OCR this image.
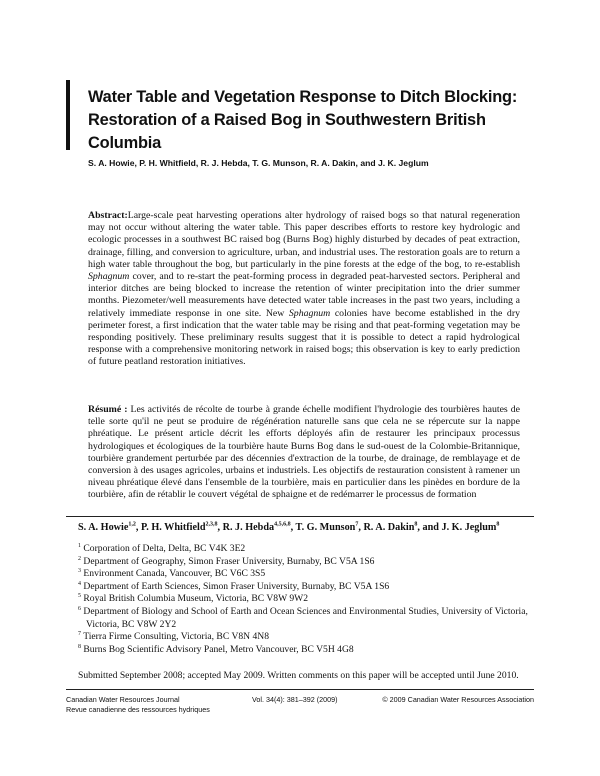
Water Table and Vegetation Response to Ditch Blocking:
Restoration of a Raised Bog in Southwestern British Columbia
S. A. Howie, P. H. Whitfield, R. J. Hebda, T. G. Munson, R. A. Dakin, and J. K. Jeglum
Abstract:Large-scale peat harvesting operations alter hydrology of raised bogs so that natural regeneration may not occur without altering the water table. This paper describes efforts to restore key hydrologic and ecologic processes in a southwest BC raised bog (Burns Bog) highly disturbed by decades of peat extraction, drainage, filling, and conversion to agriculture, urban, and industrial uses. The restoration goals are to return a high water table throughout the bog, but particularly in the pine forests at the edge of the bog, to re-establish Sphagnum cover, and to re-start the peat-forming process in degraded peat-harvested sectors. Peripheral and interior ditches are being blocked to increase the retention of winter precipitation into the drier summer months. Piezometer/well measurements have detected water table increases in the past two years, including a relatively immediate response in one site. New Sphagnum colonies have become established in the dry perimeter forest, a first indication that the water table may be rising and that peat-forming vegetation may be responding positively. These preliminary results suggest that it is possible to detect a rapid hydrological response with a comprehensive monitoring network in raised bogs; this observation is key to early prediction of future peatland restoration initiatives.
Résumé : Les activités de récolte de tourbe à grande échelle modifient l'hydrologie des tourbières hautes de telle sorte qu'il ne peut se produire de régénération naturelle sans que cela ne se répercute sur la nappe phréatique. Le présent article décrit les efforts déployés afin de restaurer les principaux processus hydrologiques et écologiques de la tourbière haute Burns Bog dans le sud-ouest de la Colombie-Britannique, tourbière grandement perturbée par des décennies d'extraction de la tourbe, de drainage, de remblayage et de conversion à des usages agricoles, urbains et industriels. Les objectifs de restauration consistent à ramener un niveau phréatique élevé dans l'ensemble de la tourbière, mais en particulier dans les pinèdes en bordure de la tourbière, afin de rétablir le couvert végétal de sphaigne et de redémarrer le processus de formation
S. A. Howie$^{1,2}$, P. H. Whitfield$^{2,3,8}$, R. J. Hebda$^{4,5,6,8}$, T. G. Munson$^7$, R. A. Dakin$^8$, and J. K. Jeglum$^8$
$^1$ Corporation of Delta, Delta, BC V4K 3E2
$^2$ Department of Geography, Simon Fraser University, Burnaby, BC V5A 1S6
$^3$ Environment Canada, Vancouver, BC V6C 3S5
$^4$ Department of Earth Sciences, Simon Fraser University, Burnaby, BC V5A 1S6
$^5$ Royal British Columbia Museum, Victoria, BC V8W 9W2
$^6$ Department of Biology and School of Earth and Ocean Sciences and Environmental Studies, University of Victoria, Victoria, BC V8W 2Y2
$^7$ Tierra Firme Consulting, Victoria, BC V8N 4N8
$^8$ Burns Bog Scientific Advisory Panel, Metro Vancouver, BC V5H 4G8
Submitted September 2008; accepted May 2009. Written comments on this paper will be accepted until June 2010.
Canadian Water Resources Journal
Revue canadienne des ressources hydriques
Vol. 34(4): 381–392 (2009)	© 2009 Canadian Water Resources Association
